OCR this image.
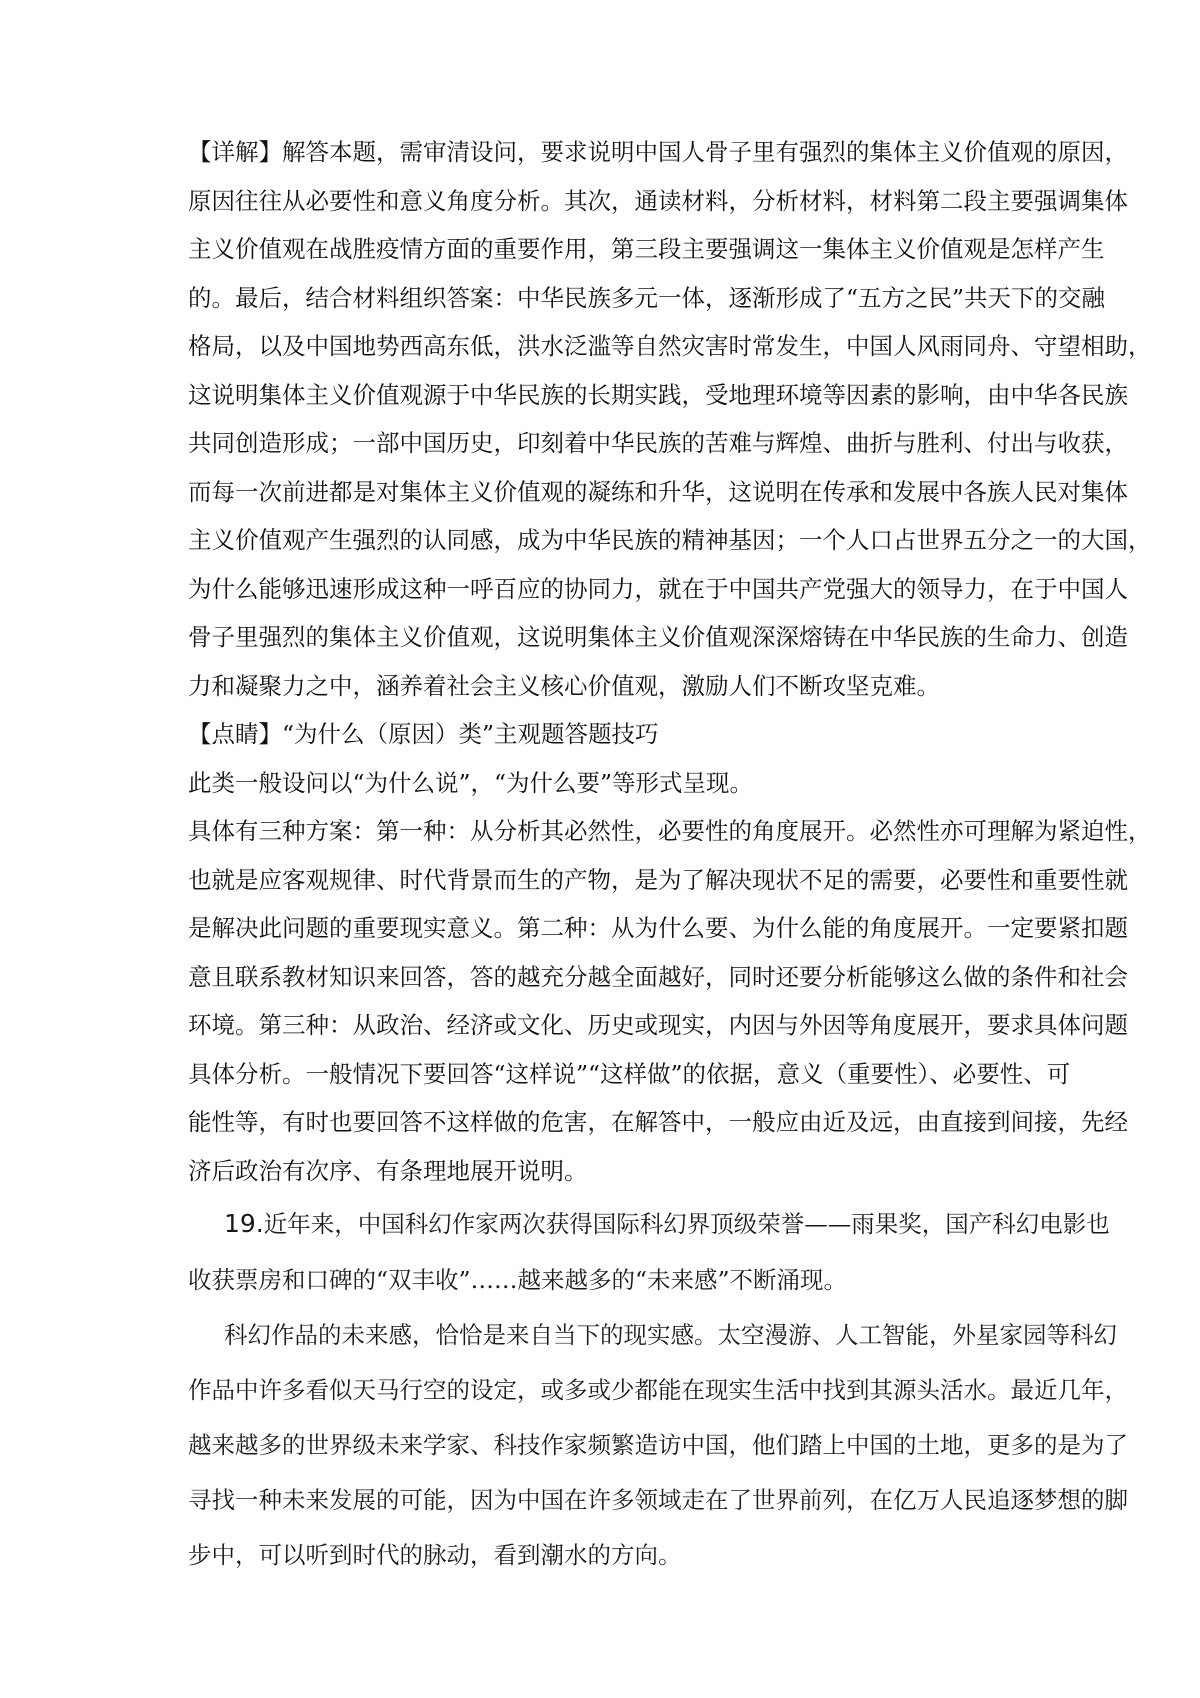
【详解】解答本题，需审清设问，要求说明中国人骨子里有强烈的集体主义价值观的原因，
原因往往从必要性和意义角度分析。其次，通读材料，分析材料，材料第二段主要强调集体
主义价值观在战胜疫情方面的重要作用，第三段主要强调这一集体主义价值观是怎样产生
的。最后，结合材料组织答案：中华民族多元一体，逐渐形成了“五方之民”共天下的交融
格局，以及中国地势西高东低，洪水泛滥等自然灾害时常发生，中国人风雨同舟、守望相助，
这说明集体主义价值观源于中华民族的长期实践，受地理环境等因素的影响，由中华各民族
共同创造形成；一部中国历史，印刻着中华民族的苦难与辉煌、曲折与胜利、付出与收获，
而每一次前进都是对集体主义价值观的凝练和升华，这说明在传承和发展中各族人民对集体
主义价值观产生强烈的认同感，成为中华民族的精神基因；一个人口占世界五分之一的大国，
为什么能够迅速形成这种一呼百应的协同力，就在于中国共产党强大的领导力，在于中国人
骨子里强烈的集体主义价值观，这说明集体主义价值观深深熔铸在中华民族的生命力、创造
力和凝聚力之中，涵养着社会主义核心价值观，激励人们不断攻坚克难。
【点睛】“为什么（原因）类”主观题答题技巧
此类一般设问以“为什么说”，“为什么要”等形式呈现。
具体有三种方案：第一种：从分析其必然性，必要性的角度展开。必然性亦可理解为紧迫性，
也就是应客观规律、时代背景而生的产物，是为了解决现状不足的需要，必要性和重要性就
是解决此问题的重要现实意义。第二种：从为什么要、为什么能的角度展开。一定要紧扣题
意且联系教材知识来回答，答的越充分越全面越好，同时还要分析能够这么做的条件和社会
环境。第三种：从政治、经济或文化、历史或现实，内因与外因等角度展开，要求具体问题
具体分析。一般情况下要回答“这样说”“这样做”的依据，意义（重要性）、必要性、可
能性等，有时也要回答不这样做的危害，在解答中，一般应由近及远，由直接到间接，先经
济后政治有次序、有条理地展开说明。
19.近年来，中国科幻作家两次获得国际科幻界顶级荣誉——雨果奖，国产科幻电影也
收获票房和口碑的“双丰收”……越来越多的“未来感”不断涌现。
科幻作品的未来感，恰恰是来自当下的现实感。太空漫游、人工智能，外星家园等科幻
作品中许多看似天马行空的设定，或多或少都能在现实生活中找到其源头活水。最近几年，
越来越多的世界级未来学家、科技作家频繁造访中国，他们踏上中国的土地，更多的是为了
寻找一种未来发展的可能，因为中国在许多领域走在了世界前列，在亿万人民追逐梦想的脚
步中，可以听到时代的脉动，看到潮水的方向。
